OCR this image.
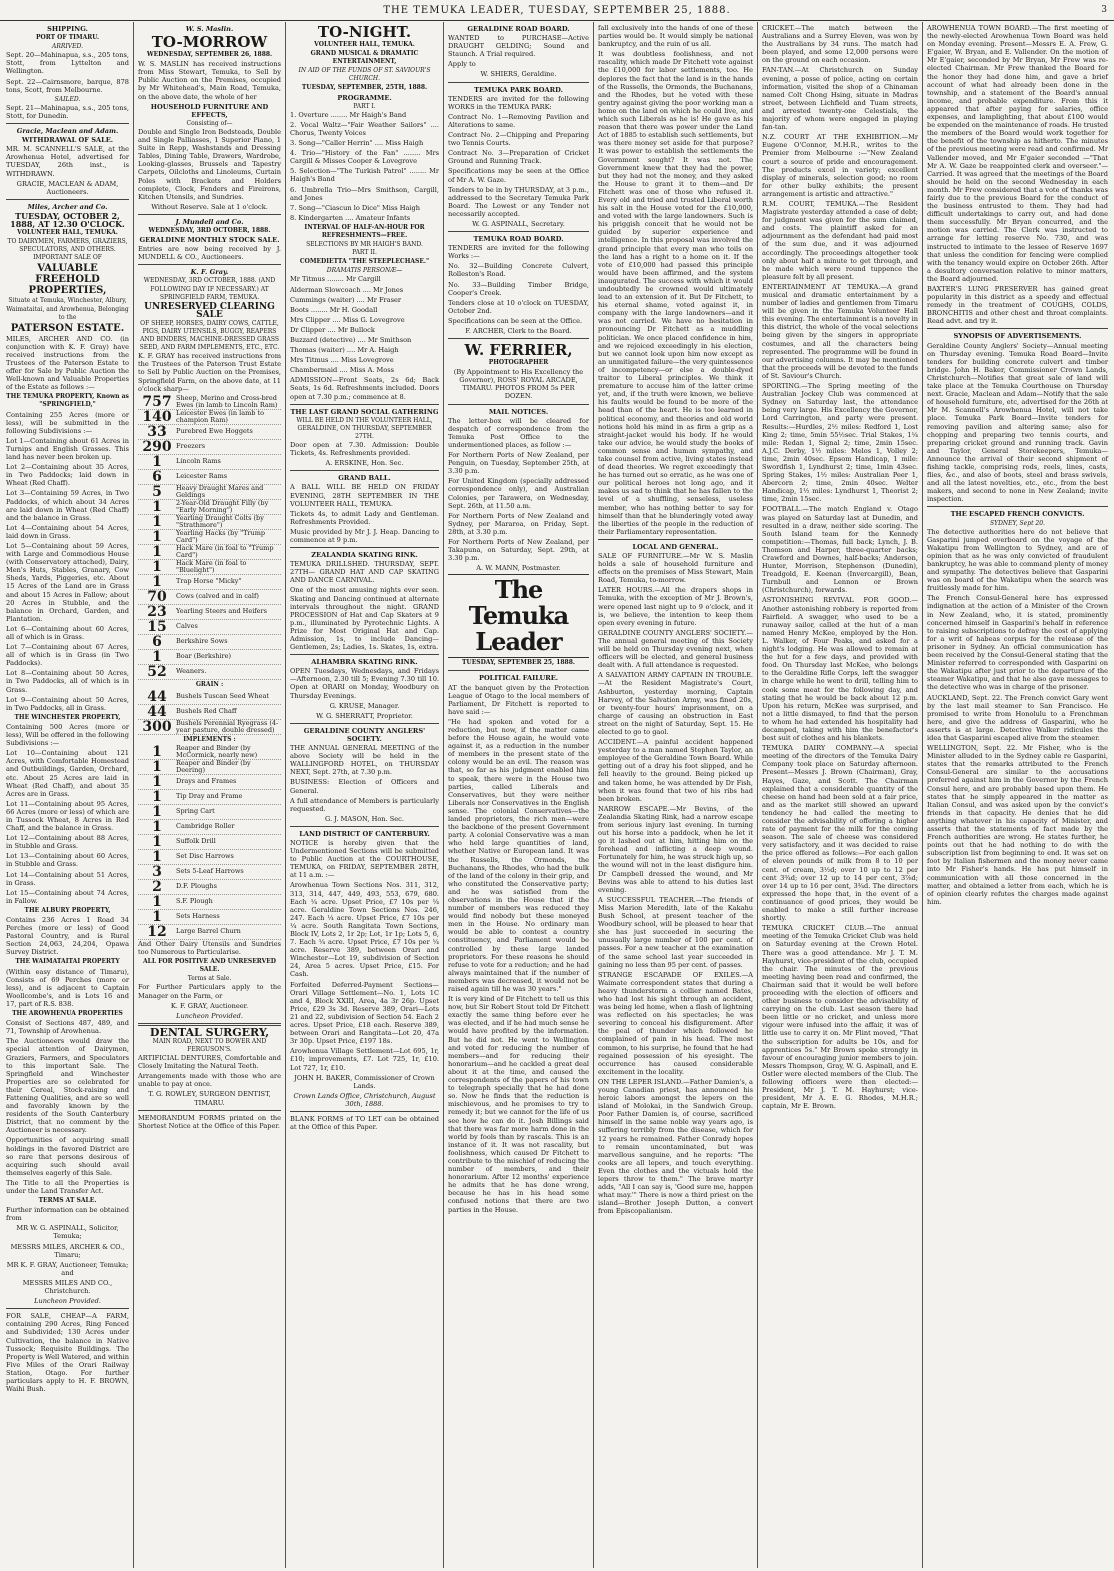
THE TEMUKA LEADER, TUESDAY, SEPTEMBER 25, 1888.	3
SHIPPING.
PORT OF TIMARU.
ARRIVED.

Sept. 20—Mahinapua, s.s., 205 tons, Stott, from Lyttelton and Wellington.

Sept. 22—Cairnsmore, barque, 878 tons, Scott, from Melbourne.

SAILED.

Sept. 21—Mahinapua, s.s., 205 tons, Stott, for Dunedin.

Gracie, Maclean and Adam.
WITHDRAWAL OF SALE.

MR. M. SCANNELL'S SALE, at the Arowhenua Hotel, advertised for TUESDAY, 26th inst., is WITHDRAWN.

GRACIE, MACLEAN & ADAM, Auctioneers.

Miles, Archer and Co.
TUESDAY, OCTOBER 2, 1888, AT 12.30 O'CLOCK.
VOLUNTEER HALL, TEMUKA.
TO DAIRYMEN, FARMERS, GRAZIERS, SPECULATORS, AND OTHERS.
IMPORTANT SALE OF
VALUABLE FREEHOLD PROPERTIES,
Situate at Temuka, Winchester, Albury, Waimataitai, and Arowhenua, Belonging to the
PATERSON ESTATE.

MILES, ARCHER AND CO. (in conjunction with K. F. Gray) have received instructions from the Trustees of the Paterson Estate to offer for Sale by Public Auction the Well-known and Valuable Properties of the Estate as follows :—

THE TEMUKA PROPERTY, Known as "SPRINGFIELD,"

Containing 255 Acres (more or less), will be submitted in the following Subdivisions :—

Lot 1—Containing about 61 Acres in Turnips and English Grasses. This land has never been broken up.

Lot 2—Containing about 35 Acres, in Two Paddocks; laid down in Wheat (Red Chaff).

Lot 3—Containing 59 Acres, in Two Paddocks, of which about 34 Acres are laid down in Wheat (Red Chaff) and the balance in Grass.

Lot 4—Containing about 54 Acres, laid down in Grass.

Lot 5—Containing about 59 Acres, with Large and Commodious House (with Conservatory attached), Dairy, Men's Huts, Stables, Granary, Cow Sheds, Yards, Piggeries, etc. About 15 Acres of the Land are in Grass and about 15 Acres in Fallow; about 20 Acres in Stubble, and the balance in Orchard, Garden, and Plantation.

Lot 6—Containing about 60 Acres, all of which is in Grass.

Lot 7—Containing about 67 Acres, all of which is in Grass (in Two Paddocks).

Lot 8—Containing about 50 Acres, in Two Paddocks, all of which is in Grass.

Lot 9—Containing about 50 Acres, in Two Paddocks, all in Grass.

THE WINCHESTER PROPERTY,

Containing 500 Acres (more or less), Will be offered in the following Subdivisions :—

Lot 10—Containing about 121 Acres, with Comfortable Homestead and Outbuildings, Garden, Orchard, etc. About 25 Acres are laid in Wheat (Red Chaff), and about 35 Acres are in Grass.

Lot 11—Containing about 95 Acres, 66 Acres (more or less) of which are in Tussock Wheat, 8 Acres in Red Chaff, and the balance in Grass.

Lot 12—Containing about 88 Acres, in Stubble and Grass.

Lot 13—Containing about 60 Acres, in Stubble and Grass.

Lot 14—Containing about 51 Acres, in Grass.

Lot 15—Containing about 74 Acres, in Fallow.

THE ALBURY PROPERTY,

Contains 236 Acres 1 Road 34 Perches (more or less) of Good Pastoral Country, and is Rural Section 24,063, 24,204, Opawa Survey District.

THE WAIMATAITAI PROPERTY

(Within easy distance of Timaru), Consists of 69 Perches (more or less), and is adjacent to Captain Woollcombe's, and is Lots 16 and 17, part of R.S. 838.

THE AROWHENUA PROPERTIES

Consist of Sections 487, 489, and 71, Township of Arowhenua.

The Auctioneers would draw the special attention of Dairymen, Graziers, Farmers, and Speculators to this important Sale. The Springfield and Winchester Properties are so celebrated for their Cereal, Stock-raising and Fattening Qualities, and are so well and favorably known by the residents of the South Canterbury District, that no comment by the Auctioneer is necessary.

Opportunities of acquiring small holdings in the favored District are so rare that persons desirous of acquiring such should avail themselves eagerly of this Sale.

The Title to all the Properties is under the Land Transfer Act.

TERMS AT SALE.

Further information can be obtained from

MR W. G. ASPINALL, Solicitor, Temuka;

MESSRS MILES, ARCHER & CO., Timaru;

MR K. F. GRAY, Auctioneer, Temuka; and

MESSRS MILES AND CO., Christchurch.

Luncheon Provided.

FOR SALE, CHEAP—A FARM, containing 290 Acres, Ring Fenced and Subdivided; 130 Acres under Cultivation, the balance in Native Tussock; Requisite Buildings. The Property is Well Watered, and within Five Miles of the Orari Railway Station, Otago. For further particulars apply to H. F. BROWN, Waihi Bush.

W. S. Maslin.
TO-MORROW
WEDNESDAY, SEPTEMBER 26, 1888.

W. S. MASLIN has received instructions from Miss Stewart, Temuka, to Sell by Public Auction on the Premises, occupied by Mr Whitehead's, Main Road, Temuka, on the above date, the whole of her

HOUSEHOLD FURNITURE AND EFFECTS,
Consisting of—

Double and Single Iron Bedsteads, Double and Single Palliasses, 1 Superior Piano, 1 Suite in Repp, Washstands and Dressing Tables, Dining Table, Drawers, Wardrobe, Looking-glasses, Brussels and Tapestry Carpets, Oilcloths and Linoleums, Curtain Poles with Brackets and Holders complete, Clock, Fenders and Fireirons, Kitchen Utensils, and Sundries.

Without Reserve. Sale at 1 o'clock.

J. Mundell and Co.
WEDNESDAY, 3RD OCTOBER, 1888.
GERALDINE MONTHLY STOCK SALE.

Entries are now being received by J. MUNDELL & CO., Auctioneers.

K. F. Gray.
WEDNESDAY, 3RD OCTOBER, 1888. (AND FOLLOWING DAY IF NECESSARY.) AT SPRINGFIELD FARM, TEMUKA.
UNRESERVED CLEARING SALE
OF SHEEP, HORSES, DAIRY COWS, CATTLE, PIGS, DAIRY UTENSILS, BUGGY, REAPERS AND BINDERS, MACHINE-DRESSED GRASS SEED, AND FARM IMPLEMENTS, ETC., ETC.

K. F. GRAY has received instructions from the Trustees of the Paterson Trust Estate to Sell by Public Auction on the Premises, Springfield Farm, on the above date, at 11 o'clock sharp—

757 Sheep, Merino and Cross-bred Ewes (in lamb to Lincoln Ram)
140 Leicester Ewes (in lamb to champion Ram)
33	Purebred Ewe Hoggets
290 Freezers
1	Lincoln Rams
6	Leicester Rams
5	Heavy Draught Mares and Geldings
1	2-Year-Old Draught Filly (by "Early Morning")
1	Yearling Draught Colts (by "Strathmore")
1	Yearling Hacks (by "Trump Card")
1	Hack Mare (in foal to "Trump Card")
1	Hack Mare (in foal to "Bluelight")
1	Trap Horse "Micky"
70	Cows (calved and in calf)
23	Yearling Steers and Heifers
15	Calves
6	Berkshire Sows
1	Boar (Berkshire)
52	Weaners.
GRAIN :
44	Bushels Tuscan Seed Wheat
44	Bushels Red Chaff
300 Bushels Perennial Ryegrass (4-year pasture, double dressed)
IMPLEMENTS :
1	Reaper and Binder (by McCormick, nearly new)
1	Reaper and Binder (by Deering)
1	Drays and Frames
1	Tip Dray and Frame
1	Spring Cart
1	Cambridge Roller
1	Suffolk Drill
1	Set Disc Harrows
3	Sets 5-Leaf Harrows
2	D.F. Ploughs
1	S.F. Plough
1	Sets Harness
12	Large Barrel Churn

And Other Dairy Utensils and Sundries too Numerous to Particularise.

ALL FOR POSITIVE AND UNRESERVED SALE.
Terms at Sale.

For Further Particulars apply to the Manager on the Farm, or

K. F. GRAY, Auctioneer.

Luncheon Provided.

DENTAL SURGERY,
MAIN ROAD, NEXT TO BOWER AND FERGUSON'S.

ARTIFICIAL DENTURES, Comfortable and Closely Imitating the Natural Teeth.

Arrangements made with those who are unable to pay at once.

T. G. ROWLEY, SURGEON DENTIST, TIMARU.

MEMORANDUM FORMS printed on the Shortest Notice at the Office of this Paper.

TO-NIGHT.
VOLUNTEER HALL, TEMUKA.
GRAND MUSICAL & DRAMATIC ENTERTAINMENT,
IN AID OF THE FUNDS OF ST. SAVIOUR'S CHURCH.
TUESDAY, SEPTEMBER, 25TH, 1888.
PROGRAMME.
PART I.

1. Overture ........ Mr Haigh's Band

2. Vocal Waltz—"Fair Weather Sailors" .... Chorus, Twenty Voices

3. Song—"Caller Herrin" .... Miss Haigh

4. Trio—"History of the Fan" ........ Mrs Cargill & Misses Cooper & Lovegrove

5. Selection—"The Turkish Patrol" ........ Mr Haigh's Band

6. Umbrella Trio—Mrs Smithson, Cargill, and Jones

7. Song—"Ciascun lo Dice" Miss Haigh

8. Kindergarten .... Amateur Infants

INTERVAL OF HALF-AN-HOUR FOR REFRESHMENTS—FREE.
SELECTIONS BY MR HAIGH'S BAND.
PART II.
COMEDIETTA "THE STEEPLECHASE."
DRAMATIS PERSONÆ—

Mr Titmus ........ Mr Cargill

Alderman Slowcoach .... Mr Jones

Cummings (waiter) .... Mr Fraser

Boots ........ Mr H. Goodall

Mrs Clipper .... Miss G. Lovegrove

Dr Clipper .... Mr Bullock

Buzzard (detective) .... Mr Smithson

Thomas (waiter) .... Mr A. Haigh

Mrs Titmus .... Miss Lovegrove

Chambermaid .... Miss A. Moss

ADMISSION—Front Seats, 2s 6d; Back Seats, 1s 6d. Refreshments included. Doors open at 7.30 p.m.; commence at 8.

THE LAST GRAND SOCIAL GATHERING
WILL BE HELD IN THE VOLUNTEER HALL, GERALDINE, ON THURSDAY, SEPTEMBER 27TH.

Door open at 7.30. Admission: Double Tickets, 4s. Refreshments provided.

A. ERSKINE, Hon. Sec.

GRAND BALL.

A BALL WILL BE HELD ON FRIDAY EVENING, 28TH SEPTEMBER IN THE VOLUNTEER HALL, TEMUKA.

Tickets 4s, to admit Lady and Gentleman. Refreshments Provided.

Music provided by Mr J. J. Heap. Dancing to commence at 9 p.m.

ZEALANDIA SKATING RINK.

TEMUKA DRILLSHED. THURSDAY, SEPT. 27TH— GRAND HAT AND CAP SKATING AND DANCE CARNIVAL.

One of the most amusing nights ever seen. Skating and Dancing continued at alternate intervals throughout the night. GRAND PROCESSION of Hat and Cap Skaters at 9 p.m., illuminated by Pyrotechnic Lights. A Prize for Most Original Hat and Cap. Admission, 1s, to include Dancing—Gentlemen, 2s; Ladies, 1s. Skates, 1s, extra.

ALHAMBRA SKATING RINK.

OPEN Tuesdays, Wednesdays, and Fridays—Afternoon, 2.30 till 5; Evening 7.30 till 10. Open at ORARI on Monday, Woodbury on Thursday Evenings.

G. KRUSE, Manager.

W. G. SHERRATT, Proprietor.

GERALDINE COUNTY ANGLERS' SOCIETY.

THE ANNUAL GENERAL MEETING of the above Society will be held in the WALLINGFORD HOTEL, on THURSDAY NEXT, Sept. 27th, at 7.30 p.m.

BUSINESS: Election of Officers and General.

A full attendance of Members is particularly requested.

G. J. MASON, Hon. Sec.

LAND DISTRICT OF CANTERBURY.

NOTICE is hereby given that the Undermentioned Sections will be submitted to Public Auction at the COURTHOUSE, TEMUKA, on FRIDAY, SEPTEMBER 28TH, at 11 a.m. :—

Arowhenua Town Sections Nos. 311, 312, 313, 314, 447, 449, 493, 553, 679, 680. Each ¼ acre. Upset Price, £7 10s per ¼ acre. Geraldine Town Sections Nos. 246, 247. Each ¼ acre. Upset Price, £7 10s per ¼ acre. South Rangitata Town Sections, Block IV, Lots 2, 1r 2p; Lot, 1r 1p; Lots 5, 6, 7. Each ¼ acre. Upset Price, £7 10s per ¼ acre. Reserve 389, between Orari and Winchester—Lot 19, subdivision of Section 24, Area 5 acres. Upset Price, £15. For Cash.

Forfeited Deferred-Payment Sections— Orari Village Settlement—No. 1, Lots 1C and 4, Block XXIII, Area, 4a 3r 26p. Upset Price, £29 3s 3d. Reserve 389, Orari—Lots 21 and 22, subdivision of Section 54. Each 2 acres. Upset Price, £18 each. Reserve 389, between Orari and Rangitata—Lot 20, 47a 3r 30p. Upset Price, £197 18s.

Arowhenua Village Settlement—Lot 695, 1r, £10; improvements, £7. Lot 725, 1r, £10. Lot 727, 1r, £10.

JOHN H. BAKER, Commissioner of Crown Lands.

Crown Lands Office, Christchurch, August 30th, 1888.

BLANK FORMS of TO LET can be obtained at the Office of this Paper.

GERALDINE ROAD BOARD.

WANTED to PURCHASE—Active DRAUGHT GELDING; Sound and Staunch. A Trial required.

Apply to

W. SHIERS, Geraldine.

TEMUKA PARK BOARD.

TENDERS are invited for the following WORKS in the TEMUKA PARK:

Contract No. 1—Removing Pavilion and Alterations to same.

Contract No. 2—Chipping and Preparing two Tennis Courts.

Contract No. 3—Preparation of Cricket Ground and Running Track.

Specifications may be seen at the Office of Mr A. W. Gaze.

Tenders to be in by THURSDAY, at 3 p.m., addressed to the Secretary Temuka Park Board. The Lowest or any Tender not necessarily accepted.

W. G. ASPINALL, Secretary.

TEMUKA ROAD BOARD.

TENDERS are invited for the following Works :—

No. 32—Building Concrete Culvert, Rolleston's Road.

No. 33—Building Timber Bridge, Cooper's Creek.

Tenders close at 10 o'clock on TUESDAY, October 2nd.

Specifications can be seen at the Office.

F. ARCHER, Clerk to the Board.

W. FERRIER,
PHOTOGRAPHER

(By Appointment to His Excellency the Governor), ROSS' ROYAL ARCADE, TIMARU. PHOTOS FROM 5s PER DOZEN.

MAIL NOTICES.

The letter-box will be cleared for despatch of correspondence from the Temuka Post Office to the undermentioned places, as follow :—

For Northern Ports of New Zealand, per Penguin, on Tuesday, September 25th, at 3.30 p.m.

For United Kingdom (specially addressed correspondence only), and Australian Colonies, per Tarawera, on Wednesday, Sept. 26th, at 11.50 a.m.

For Northern Ports of New Zealand and Sydney, per Mararoa, on Friday, Sept. 28th, at 3.30 p.m.

For Northern Ports of New Zealand, per Takapuna, on Saturday, Sept. 29th, at 3.30 p.m.

A. W. MANN, Postmaster.

The Temuka Leader
TUESDAY, SEPTEMBER 25, 1888.
POLITICAL FAILURE.

AT the banquet given by the Protection League of Otago to the local members of Parliament, Dr Fitchett is reported to have said :—

"He had spoken and voted for a reduction, but now, if the matter came before the House again, he would vote against it, as a reduction in the number of members in the present state of the colony would be an evil. The reason was that, so far as his judgment enabled him to speak, there were in the House two parties, called Liberals and Conservatives, but they were neither Liberals nor Conservatives in the English sense. The colonial Conservatives—the landed proprietors, the rich men—were the backbone of the present Government party. A colonial Conservative was a man who held large quantities of land, whether Native or European land. It was the Russells, the Ormonds, the Buchanans, the Rhodes, who had the bulk of the land of the colony in their grip, and who constituted the Conservative party; and he was satisfied from the observations in the House that if the number of members was reduced they would find nobody but these moneyed men in the House. No ordinary man would be able to contest a country constituency, and Parliament would be controlled by these large landed proprietors. For these reasons he should refuse to vote for a reduction; and he had always maintained that if the number of members was decreased, it would not be raised again till he was 30 years."

It is very kind of Dr Fitchett to tell us this now, but Sir Robert Stout told Dr Fitchett exactly the same thing before ever he was elected, and if he had much sense he would have profited by the information. But he did not. He went to Wellington and voted for reducing the number of members—and for reducing their honorarium—and he cackled a great deal about it at the time, and caused the correspondents of the papers of his town to telegraph specially that he had done so. Now he finds that the reduction is mischievous, and he promises to try to remedy it; but we cannot for the life of us see how he can do it. Josh Billings said that there was far more harm done in the world by fools than by rascals. This is an instance of it. It was not rascality, but foolishness, which caused Dr Fitchett to contribute to the mischief of reducing the number of members, and their honorarium. After 12 months' experience he admits that he has done wrong, because he has in his head some confused notions that there are two parties in the House.

fall exclusively into the hands of one of these parties would be. It would simply be national bankruptcy, and the ruin of us all.

It was doubtless foolishness, and not rascality, which made Dr Fitchett vote against the £10,000 for labor settlements, too. He deplores the fact that the land is in the hands of the Russells, the Ormonds, the Buchanans, and the Rhodes, but he voted with these gentry against giving the poor working man a home on the land on which he could live, and which such Liberals as he is! He gave as his reason that there was power under the Land Act of 1885 to establish such settlements, but was there money set aside for that purpose? It was power to establish the settlements the Government sought? It was not. The Government knew that they had the power, but they had not the money, and they asked the House to grant it to them—and Dr Fitchett was one of those who refused it. Every old and tried and trusted Liberal worth his salt in the House voted for the £10,000, and voted with the large landowners. Such is his priggish conceit that he would not be guided by superior experience and intelligence. In this proposal was involved the grand principle that every man who toils on the land has a right to a home on it. If the vote of £10,000 had passed this principle would have been affirmed, and the system inaugurated. The success with which it would undoubtedly be crowned would ultimately lead to an extension of it. But Dr Fitchett, to his eternal shame, voted against it, in company with the large landowners—and it was not carried. We have no hesitation in pronouncing Dr Fitchett as a muddling politician. We once placed confidence in him, and we rejoiced exceedingly in his election, but we cannot look upon him now except as an unmitigated failure—the very quintessence of incompetency—or else a double-dyed traitor to Liberal principles. We think it premature to accuse him of the latter crime yet, and, if the truth were known, we believe his faults would be found to be more of the head than of the heart. He is too learned in political economy, and theories and old world notions hold his mind in as firm a grip as a straight-jacket would his body. If he would take our advice, he would study the books of common sense and human sympathy, and take counsel from active, living states instead of dead theories. We regret exceedingly that he has turned out so erratic, as he was one of our political heroes not long ago, and it makes us sad to think that he has fallen to the level of a shuffling, senseless, useless member, who has nothing better to say for himself than that he blunderingly voted away the liberties of the people in the reduction of their Parliamentary representation.

LOCAL AND GENERAL.

SALE OF FURNITURE.—Mr W. S. Maslin holds a sale of household furniture and effects on the premises of Miss Stewart, Main Road, Temuka, to-morrow.

LATER HOURS.—All the drapers shops in Temuka, with the exception of Mr J. Brown's, were opened last night up to 9 o'clock, and it is, we believe, the intention to keep them open every evening in future.

GERALDINE COUNTY ANGLERS' SOCIETY.—The annual general meeting of this Society will be held on Thursday evening next, when officers will be elected, and general business dealt with. A full attendance is requested.

A SALVATION ARMY CAPTAIN IN TROUBLE.—At the Resident Magistrate's Court, Ashburton, yesterday morning, Captain Harvey, of the Salvation Army, was fined 20s, or twenty-four hours' imprisonment, on a charge of causing an obstruction in East street on the night of Saturday, Sept. 15. He elected to go to gaol.

ACCIDENT.—A painful accident happened yesterday to a man named Stephen Taylor, an employee of the Geraldine Town Board. While getting out of a dray his foot slipped, and he fell heavily to the ground. Being picked up and taken home, he was attended by Dr Fish, when it was found that two of his ribs had been broken.

NARROW ESCAPE.—Mr Bevins, of the Zealandia Skating Rink, had a narrow escape from serious injury last evening. In turning out his horse into a paddock, when he let it go it lashed out at him, hitting him on the forehead and inflicting a deep wound. Fortunately for him, he was struck high up, so the wound will not in the least disfigure him. Dr Campbell dressed the wound, and Mr Bevins was able to attend to his duties last evening.

A SUCCESSFUL TEACHER.—The friends of Miss Marion Meredith, late of the Kakahu Bush School, at present teacher of the Woodbury school, will be pleased to hear that she has just succeeded in securing the unusually large number of 100 per cent. of passes. For a new teacher at the examination of the same school last year succeeded in gaining no less than 95 per cent. of passes.

STRANGE ESCAPADE OF EXILES.—A Waimate correspondent states that during a heavy thunderstorm a collier named Bates, who had lost his sight through an accident, was being led home, when a flash of lightning was reflected on his spectacles; he was severing to conceal his disfigurement. After the peal of thunder which followed he complained of pain in his head. The most common, to his surprise, he found that he had regained possession of his eyesight. The occurrence has caused considerable excitement in the locality.

ON THE LEPER ISLAND.—Father Damien's, a young Canadian priest, has announced his heroic labors amongst the lepers on the island of Molokai, in the Sandwich Group. Poor Father Damien is, of course, sacrificed himself in the same noble way years ago, is suffering terribly from the disease, which for 12 years he remained. Father Conrady hopes to remain uncontaminated, but was marvellous sanguine, and he reports: "The cooks are all lepers, and touch everything. Even the clothes and the victuals hold the lepers throw to them." The brave martyr adds, "All I can say is, 'Good sure me, happen what may.'" There is now a third priest on the island—Brother Joseph Dutton, a convert from Episcopalianism.

CRICKET.—The match between the Australians and a Surrey Eleven, was won by the Australians by 34 runs. The match had been played, and some 12,000 persons were on the ground on each occasion.

FAN-TAN.—At Christchurch on Sunday evening, a posse of police, acting on certain information, visited the shop of a Chinaman named Colt Chong Hsing, situate in Madras street, between Lichfield and Tuam streets, and arrested twenty-one Celestials, the majority of whom were engaged in playing fan-tan.

N.Z. COURT AT THE EXHIBITION.—Mr Eugene O'Connor, M.H.R., writes to the Premier from Melbourne :—"New Zealand court a source of pride and encouragement. The products excel in variety; excellent display of minerals, selection good; no room for other bulky exhibits; the present arrangement is artistic and attractive."

R.M. COURT, TEMUKA.—The Resident Magistrate yesterday attended a case of debt; for judgment was given for the sum claimed, and costs. The plaintiff asked for an adjournment as the defendant had paid most of the sum due, and it was adjourned accordingly. The proceedings altogether took only about half a minute to get through, and he made which were round tuppence the pleasure felt by all present.

ENTERTAINMENT AT TEMUKA.—A grand musical and dramatic entertainment by a number of ladies and gentlemen from Timaru will be given in the Temuka Volunteer Hall this evening. The entertainment is a novelty in this district, the whole of the vocal selections being given by the singers in appropriate costumes, and all the characters being represented. The programme will be found in our advertising columns. It may be mentioned that the proceeds will be devoted to the funds of St. Saviour's Church.

SPORTING.—The Spring meeting of the Australian Jockey Club was commenced at Sydney on Saturday last, the attendance being very large. His Excellency the Governor, Lord Carrington, and party were present. Results:—Hurdles, 2½ miles: Redford 1, Lost King 2; time, 5min 55½sec. Trial Stakes, 1¼ mile: Redan 1, Signal 2; time, 2min 15sec. A.J.C. Derby, 1½ miles: Melos 1, Volley 2; time, 2min 40sec. Epsom Handicap, 1 mile: Swordfish 1, Lyndhurst 2; time, 1min 43sec. Spring Stakes, 1½ miles: Australian Peer 1, Abercorn 2; time, 2min 40sec. Welter Handicap, 1½ miles: Lyndhurst 1, Theorist 2; time, 2min 15sec.

FOOTBALL.—The match England v. Otago was played on Saturday last at Dunedin, and resulted in a draw, neither side scoring. The South Island team for the Kennedy competition:—Thomas, full back; Lynch, J. B. Thomson and Harper, three-quarter backs; Crawford and Downes, half-backs; Anderson, Hunter, Morrison, Stephenson (Dunedin), Treadgold, E. Keenan (Invercargill), Bean, Turnbull and Lennon or Brown (Christchurch), forwards.

ASTONISHING REVIVAL FOR GOOD.—Another astonishing robbery is reported from Fairfield. A swagger, who used to be a runaway sailor, called at the hut of a man named Henry McKee, employed by the Hon. L. Walker, of Four Peaks, and asked for a night's lodging. He was allowed to remain at the hut for a few days, and provided with food. On Thursday last McKee, who belongs to the Geraldine Rifle Corps, left the swagger in charge while he went to drill, telling him to cook some meat for the following day, and stating that he would be back about 12 p.m. Upon his return, McKee was surprised, and not a little dismayed, to find that the person to whom he had extended his hospitality had decamped, taking with him the benefactor's best suit of clothes and his blankets.

TEMUKA DAIRY COMPANY.—A special meeting of the directors of the Temuka Dairy Company took place on Saturday afternoon. Present—Messrs J. Brown (Chairman), Gray, Hayes, Gaze, and Scott. The Chairman explained that a considerable quantity of the cheese on hand had been sold at a fair price, and as the market still showed an upward tendency he had called the meeting to consider the advisability of offering a higher rate of payment for the milk for the coming season. The sale of cheese was considered very satisfactory, and it was decided to raise the price offered as follows:—For each gallon of eleven pounds of milk from 8 to 10 per cent. of cream, 3½d; over 10 up to 12 per cent 3¾d; over 12 up to 14 per cent, 3⅞d; over 14 up to 16 per cent, 3¾d. The directors expressed the hope that, in the event of a continuance of good prices, they would be enabled to make a still further increase shortly.

TEMUKA CRICKET CLUB.—The annual meeting of the Temuka Cricket Club was held on Saturday evening at the Crown Hotel. There was a good attendance. Mr J. T. M. Hayhurst, vice-president of the club, occupied the chair. The minutes of the previous meeting having been read and confirmed, the Chairman said that it would be well before proceeding with the election of officers and other business to consider the advisability of carrying on the club. Last season there had been little or no cricket, and unless more vigour were infused into the affair, it was of little use to carry it on. Mr Flint moved, "That the subscription for adults be 10s, and for apprentices 5s." Mr Brown spoke strongly in favour of encouraging junior members to join. Messrs Thompson, Gray, W. G. Aspinall, and E. Ostler were elected members of the Club. The following officers were then elected:—President, Mr J. T. M. Hayhurst; vice-president, Mr A. E. G. Rhodes, M.H.R.; captain, Mr E. Brown.

AROWHENUA TOWN BOARD.—The first meeting of the newly-elected Arowhenua Town Board was held on Monday evening. Present—Messrs E. A. Frew, G. E'gaier, W. Bryan, and E. Vallender. On the motion of Mr E'gaier, seconded by Mr Bryan, Mr Frew was re-elected Chairman. Mr Frew thanked the Board for the honor they had done him, and gave a brief account of what had already been done in the township, and a statement of the Board's annual income, and probable expenditure. From this it appeared that after paying for salaries, office expenses, and lamplighting, that about £100 would be expended on the maintenance of roads. He trusted the members of the Board would work together for the benefit of the township as hitherto. The minutes of the previous meeting were read and confirmed. Mr Vallender moved, and Mr E'gaier seconded —"That Mr A. W. Gaze be reappointed clerk and overseer."—Carried. It was agreed that the meetings of the Board should be held on the second Wednesday in each month. Mr Frew considered that a vote of thanks was fairly due to the previous Board for the conduct of the business entrusted to them. They had had difficult undertakings to carry out, and had done them successfully. Mr Bryan concurred, and the motion was carried. The Clerk was instructed to arrange for letting reserve No. 730, and was instructed to intimate to the lessee of Reserve 1697 that unless the condition for fencing were complied with the tenancy would expire on October 26th. After a desultory conversation relative to minor matters, the Board adjourned.

BAXTER'S LUNG PRESERVER has gained great popularity in this district as a speedy and effectual remedy in the treatment of COUGHS, COLDS, BRONCHITIS and other chest and throat complaints. Read advt. and try it.

SYNOPSIS OF ADVERTISEMENTS.

Geraldine County Anglers' Society—Annual meeting on Thursday evening. Temuka Road Board—Invite tenders for building concrete culvert and timber bridge. John H. Baker, Commissioner Crown Lands, Christchurch—Notifies that great sale of land will take place at the Temuka Courthouse on Thursday next. Gracie, Maclean and Adam—Notify that the sale of household furniture, etc, advertised for the 26th at Mr M. Scannell's Arowhenua Hotel, will not take place. Temuka Park Board—Invite tenders for removing pavilion and altering same; also for chopping and preparing two tennis courts, and preparing cricket ground and running track. Gavin and Taylor, General Storekeepers, Temuka—Announce the arrival of their second shipment of fishing tackle, comprising rods, reels, lines, casts, flies, &c., and also of boots, steel and brass swivels, and all the latest novelties, etc., etc., from the best makers, and second to none in New Zealand; invite inspection.

THE ESCAPED FRENCH CONVICTS.
SYDNEY, Sept 20.

The detective authorities here do not believe that Gasparini jumped overboard on the voyage of the Wakatipu from Wellington to Sydney, and are of opinion that as he was only convicted of fraudulent bankruptcy, he was able to command plenty of money and sympathy. The detectives believe that Gasparini was on board of the Wakatipu when the search was fruitlessly made for him.

The French Consul-General here has expressed indignation at the action of a Minister of the Crown in New Zealand, who, it is stated, prominently concerned himself in Gasparini's behalf in reference to raising subscriptions to defray the cost of applying for a writ of habeas corpus for the release of the prisoner in Sydney. An official communication has been received by the Consul-General stating that the Minister referred to corresponded with Gasparini on the Wakatipu after just prior to the departure of the steamer Wakatipu, and that he also gave messages to the detective who was in charge of the prisoner.

AUCKLAND, Sept. 22. The French convict Gary went by the last mail steamer to San Francisco. He promised to write from Honolulu to a Frenchman here, and give the address of Gasparini, who he asserts is at large. Detective Walker ridicules the idea that Gasparini escaped alive from the steamer.

WELLINGTON, Sept. 22. Mr Fisher, who is the Minister alluded to in the Sydney cable re Gasparini, states that the remarks attributed to the French Consul-General are similar to the accusations preferred against him in the Governor by the French Consul here, and are probably based upon them. He states that he simply appeared in the matter as Italian Consul, and was asked upon by the convict's friends in that capacity. He denies that he did anything whatever in his capacity of Minister, and asserts that the statements of fact made by the French authorities are wrong. He states further, he points out that he had nothing to do with the subscription list from beginning to end. It was set on foot by Italian fishermen and the money never came into Mr Fisher's hands. He has put himself in communication with all those concerned in the matter, and obtained a letter from each, which he is of opinion clearly refutes the charges made against him.
